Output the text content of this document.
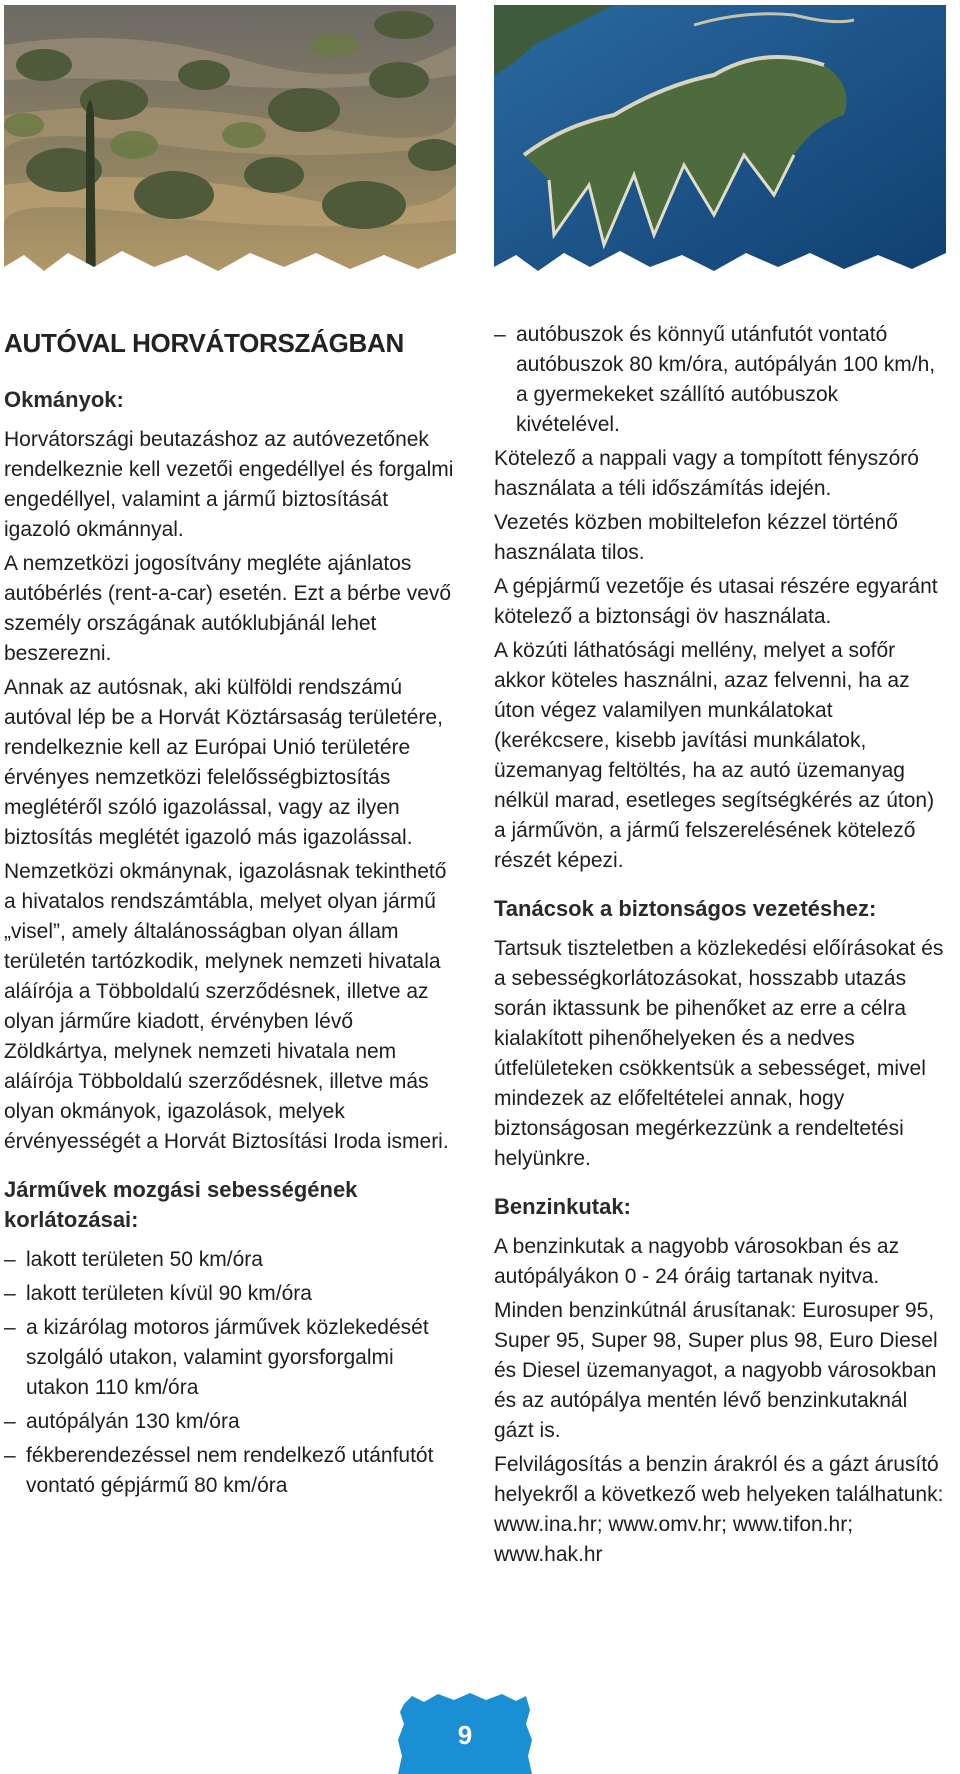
AUTÓVAL HORVÁTORSZÁGBAN
Okmányok:

Horvátországi beutazáshoz az autóvezetőnek rendelkeznie kell vezetői engedéllyel és forgalmi engedéllyel, valamint a jármű biztosítását igazoló okmánnyal.

A nemzetközi jogosítvány megléte ajánlatos autóbérlés (rent-a-car) esetén. Ezt a bérbe vevő személy országának autóklubjánál lehet beszerezni.

Annak az autósnak, aki külföldi rendszámú autóval lép be a Horvát Köztársaság területére, rendelkeznie kell az Európai Unió területére érvényes nemzetközi felelősségbiztosítás meglétéről szóló igazolással, vagy az ilyen biztosítás meglétét igazoló más igazolással.

Nemzetközi okmánynak, igazolásnak tekinthető a hivatalos rendszámtábla, melyet olyan jármű „visel”, amely általánosságban olyan állam területén tartózkodik, melynek nemzeti hivatala aláírója a Többoldalú szerződésnek, illetve az olyan járműre kiadott, érvényben lévő Zöldkártya, melynek nemzeti hivatala nem aláírója Többoldalú szerződésnek, illetve más olyan okmányok, igazolások, melyek érvényességét a Horvát Biztosítási Iroda ismeri.

Járművek mozgási sebességének korlátozásai:
– lakott területen 50 km/óra
– lakott területen kívül 90 km/óra
– a kizárólag motoros járművek közlekedését szolgáló utakon, valamint gyorsforgalmi utakon 110 km/óra
– autópályán 130 km/óra
– fékberendezéssel nem rendelkező utánfutót vontató gépjármű 80 km/óra
– autóbuszok és könnyű utánfutót vontató autóbuszok 80 km/óra, autópályán 100 km/h, a gyermekeket szállító autóbuszok kivételével.

Kötelező a nappali vagy a tompított fényszóró használata a téli időszámítás idején.

Vezetés közben mobiltelefon kézzel történő használata tilos.

A gépjármű vezetője és utasai részére egyaránt kötelező a biztonsági öv használata.

A közúti láthatósági mellény, melyet a sofőr akkor köteles használni, azaz felvenni, ha az úton végez valamilyen munkálatokat (kerékcsere, kisebb javítási munkálatok, üzemanyag feltöltés, ha az autó üzemanyag nélkül marad, esetleges segítségkérés az úton) a járművön, a jármű felszerelésének kötelező részét képezi.

Tanácsok a biztonságos vezetéshez:

Tartsuk tiszteletben a közlekedési előírásokat és a sebességkorlátozásokat, hosszabb utazás során iktassunk be pihenőket az erre a célra kialakított pihenőhelyeken és a nedves útfelületeken csökkentsük a sebességet, mivel mindezek az előfeltételei annak, hogy biztonságosan megérkezzünk a rendeltetési helyünkre.

Benzinkutak:

A benzinkutak a nagyobb városokban és az autópályákon 0 - 24 óráig tartanak nyitva.

Minden benzinkútnál árusítanak: Eurosuper 95, Super 95, Super 98, Super plus 98, Euro Diesel és Diesel üzemanyagot, a nagyobb városokban és az autópálya mentén lévő benzinkutaknál gázt is.

Felvilágosítás a benzin árakról és a gázt árusító helyekről a következő web helyeken találhatunk: www.ina.hr; www.omv.hr; www.tifon.hr; www.hak.hr

9
